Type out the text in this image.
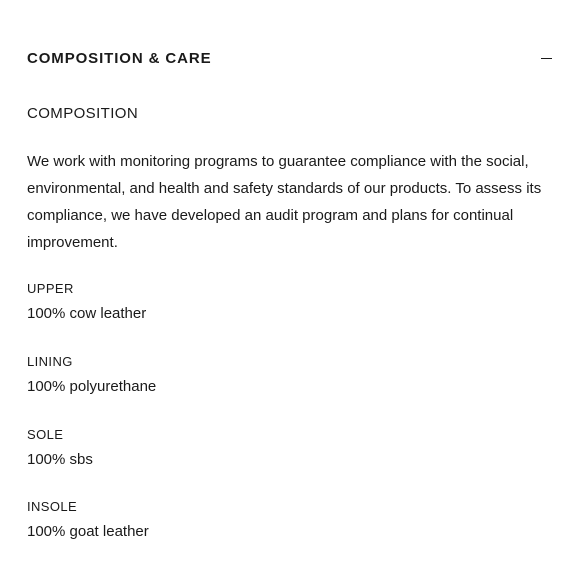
COMPOSITION & CARE
COMPOSITION

We work with monitoring programs to guarantee compliance with the social, environmental, and health and safety standards of our products. To assess its compliance, we have developed an audit program and plans for continual improvement.

UPPER
100% cow leather
LINING
100% polyurethane
SOLE
100% sbs
INSOLE
100% goat leather
